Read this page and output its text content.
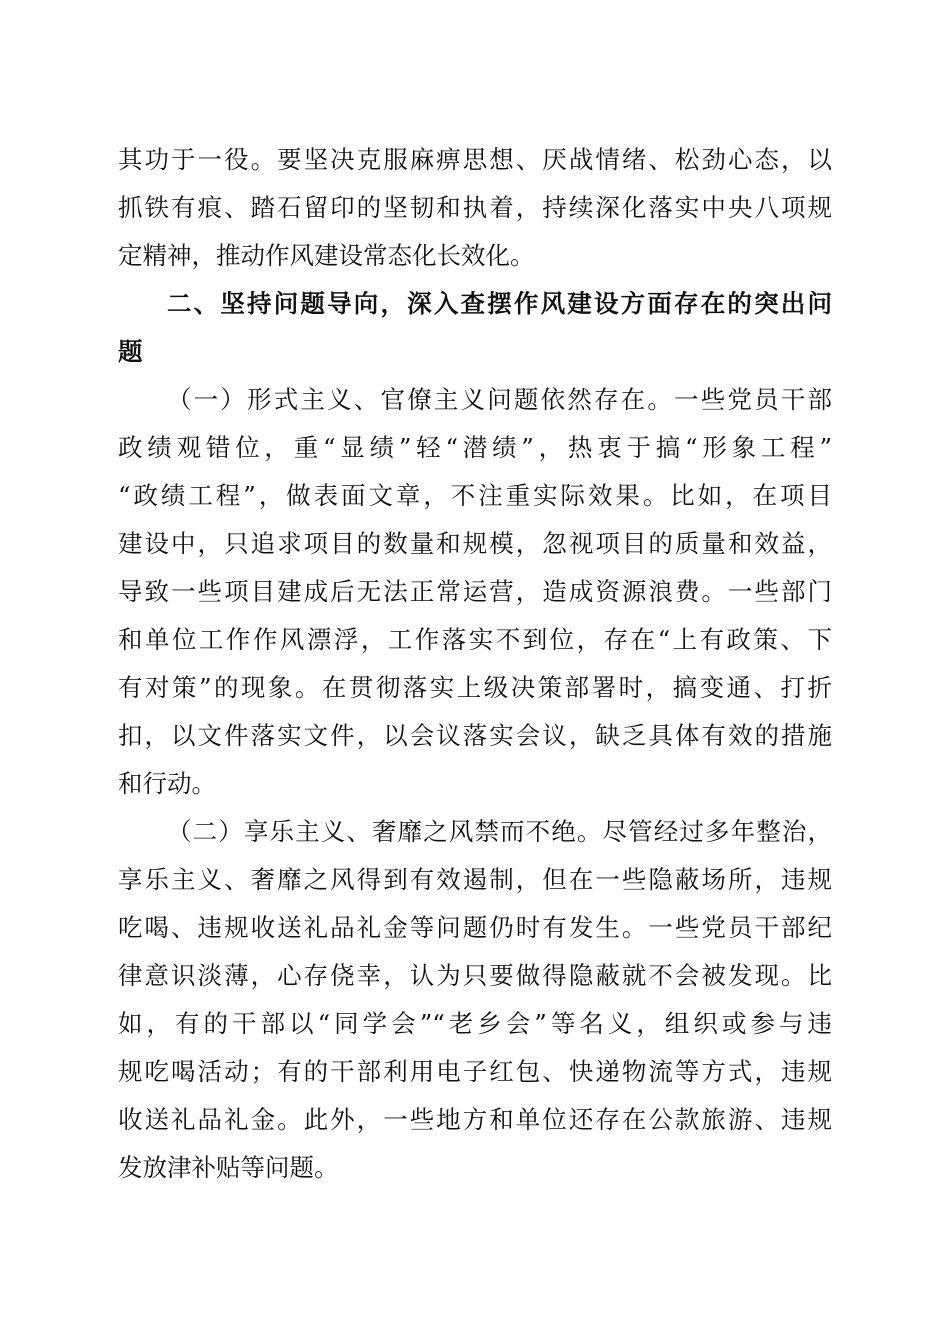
其功于一役。要坚决克服麻痹思想、厌战情绪、松劲心态，以
抓铁有痕、踏石留印的坚韧和执着，持续深化落实中央八项规
定精神，推动作风建设常态化长效化。
二、坚持问题导向，深入查摆作风建设方面存在的突出问
题
（一）形式主义、官僚主义问题依然存在。一些党员干部
政绩观错位，重“显绩”轻“潜绩”，热衷于搞“形象工程”
“政绩工程”，做表面文章，不注重实际效果。比如，在项目
建设中，只追求项目的数量和规模，忽视项目的质量和效益，
导致一些项目建成后无法正常运营，造成资源浪费。一些部门
和单位工作作风漂浮，工作落实不到位，存在“上有政策、下
有对策”的现象。在贯彻落实上级决策部署时，搞变通、打折
扣，以文件落实文件，以会议落实会议，缺乏具体有效的措施
和行动。
（二）享乐主义、奢靡之风禁而不绝。尽管经过多年整治，
享乐主义、奢靡之风得到有效遏制，但在一些隐蔽场所，违规
吃喝、违规收送礼品礼金等问题仍时有发生。一些党员干部纪
律意识淡薄，心存侥幸，认为只要做得隐蔽就不会被发现。比
如，有的干部以“同学会”“老乡会”等名义，组织或参与违
规吃喝活动；有的干部利用电子红包、快递物流等方式，违规
收送礼品礼金。此外，一些地方和单位还存在公款旅游、违规
发放津补贴等问题。
